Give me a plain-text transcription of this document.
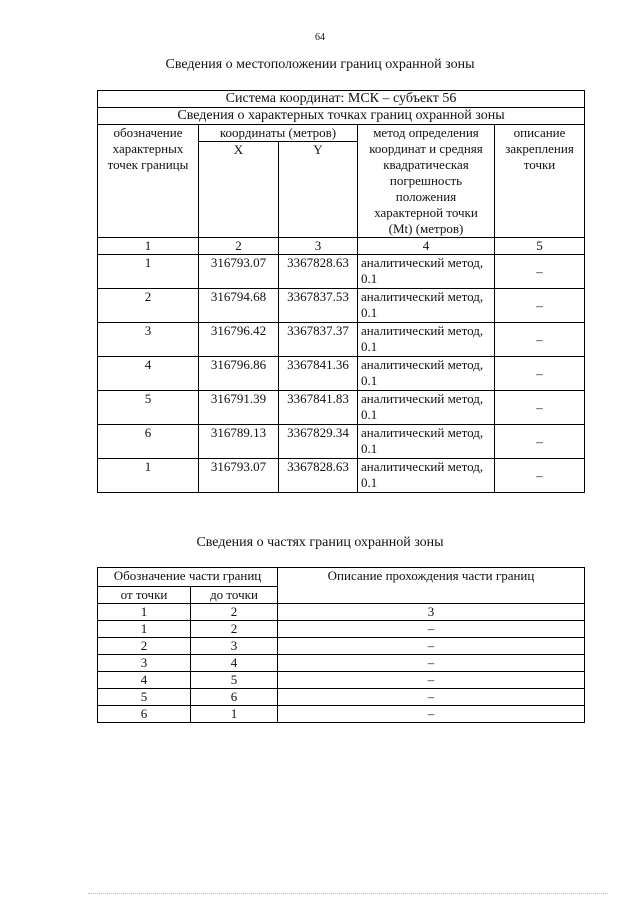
64
Сведения о местоположении границ охранной зоны
Система координат: МСК – субъект 56				
Сведения о характерных точках границ охранной зоны				
обозначение характерных точек границы	координаты (метров)		метод определения координат и средняя квадратическая погрешность положения характерной точки (Mt) (метров)	описание закрепления точки
	X	Y		
1	2	3	4	5
1	316793.07	3367828.63	аналитический метод, 0.1	–
2	316794.68	3367837.53	аналитический метод, 0.1	–
3	316796.42	3367837.37	аналитический метод, 0.1	–
4	316796.86	3367841.36	аналитический метод, 0.1	–
5	316791.39	3367841.83	аналитический метод, 0.1	–
6	316789.13	3367829.34	аналитический метод, 0.1	–
1	316793.07	3367828.63	аналитический метод, 0.1	–
Сведения о частях границ охранной зоны
Обозначение части границ		Описание прохождения части границ
от точки	до точки	
1	2	3
1	2	–
2	3	–
3	4	–
4	5	–
5	6	–
6	1	–
